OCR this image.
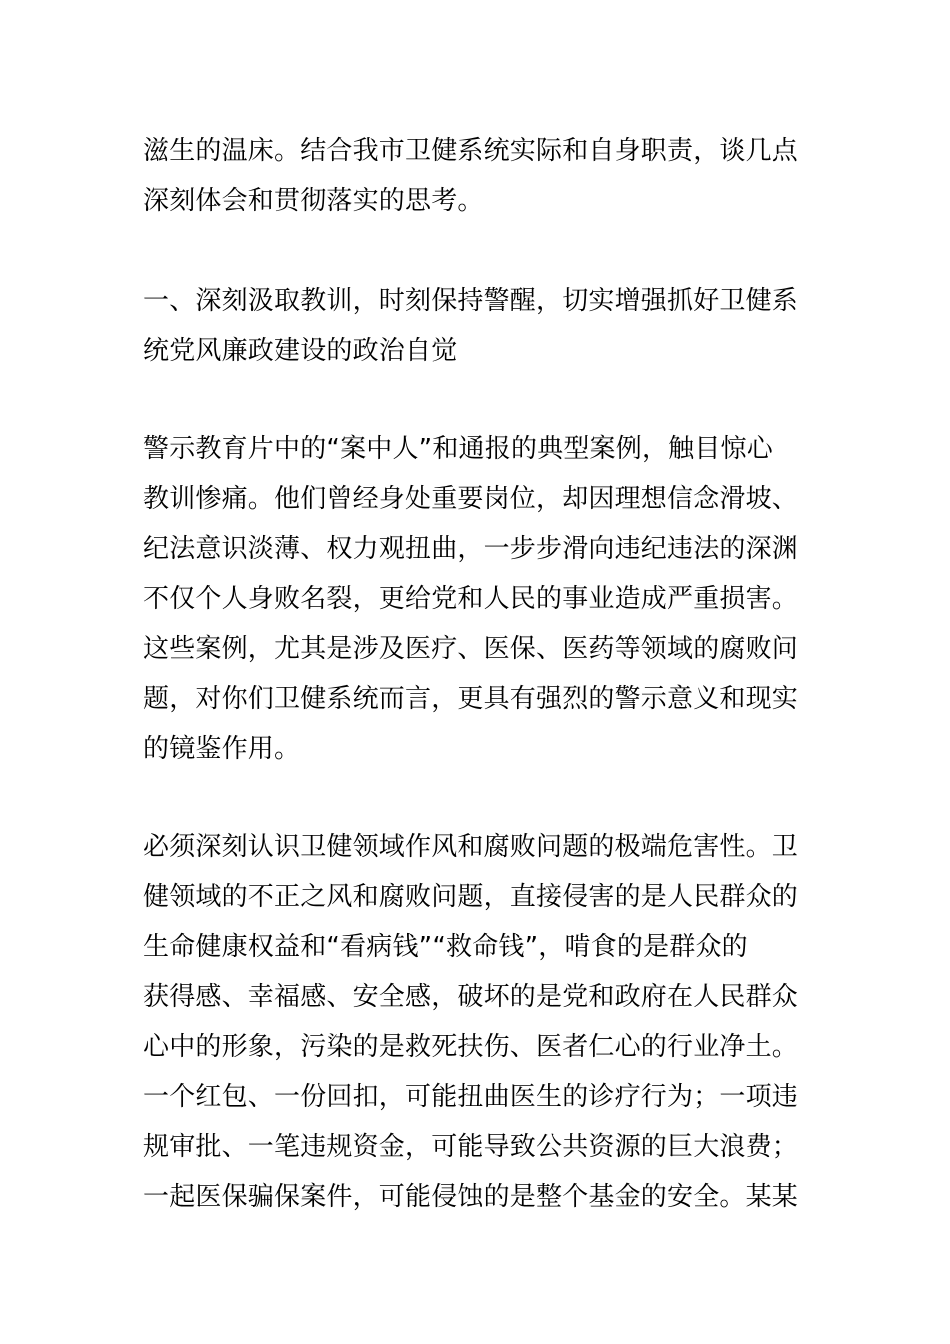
滋生的温床。结合我市卫健系统实际和自身职责，谈几点
深刻体会和贯彻落实的思考。
一、深刻汲取教训，时刻保持警醒，切实增强抓好卫健系
统党风廉政建设的政治自觉
警示教育片中的“案中人”和通报的典型案例，触目惊心
教训惨痛。他们曾经身处重要岗位，却因理想信念滑坡、
纪法意识淡薄、权力观扭曲，一步步滑向违纪违法的深渊
不仅个人身败名裂，更给党和人民的事业造成严重损害。
这些案例，尤其是涉及医疗、医保、医药等领域的腐败问
题，对你们卫健系统而言，更具有强烈的警示意义和现实
的镜鉴作用。
必须深刻认识卫健领域作风和腐败问题的极端危害性。卫
健领域的不正之风和腐败问题，直接侵害的是人民群众的
生命健康权益和“看病钱”“救命钱”，啃食的是群众的
获得感、幸福感、安全感，破坏的是党和政府在人民群众
心中的形象，污染的是救死扶伤、医者仁心的行业净土。
一个红包、一份回扣，可能扭曲医生的诊疗行为；一项违
规审批、一笔违规资金，可能导致公共资源的巨大浪费；
一起医保骗保案件，可能侵蚀的是整个基金的安全。某某
